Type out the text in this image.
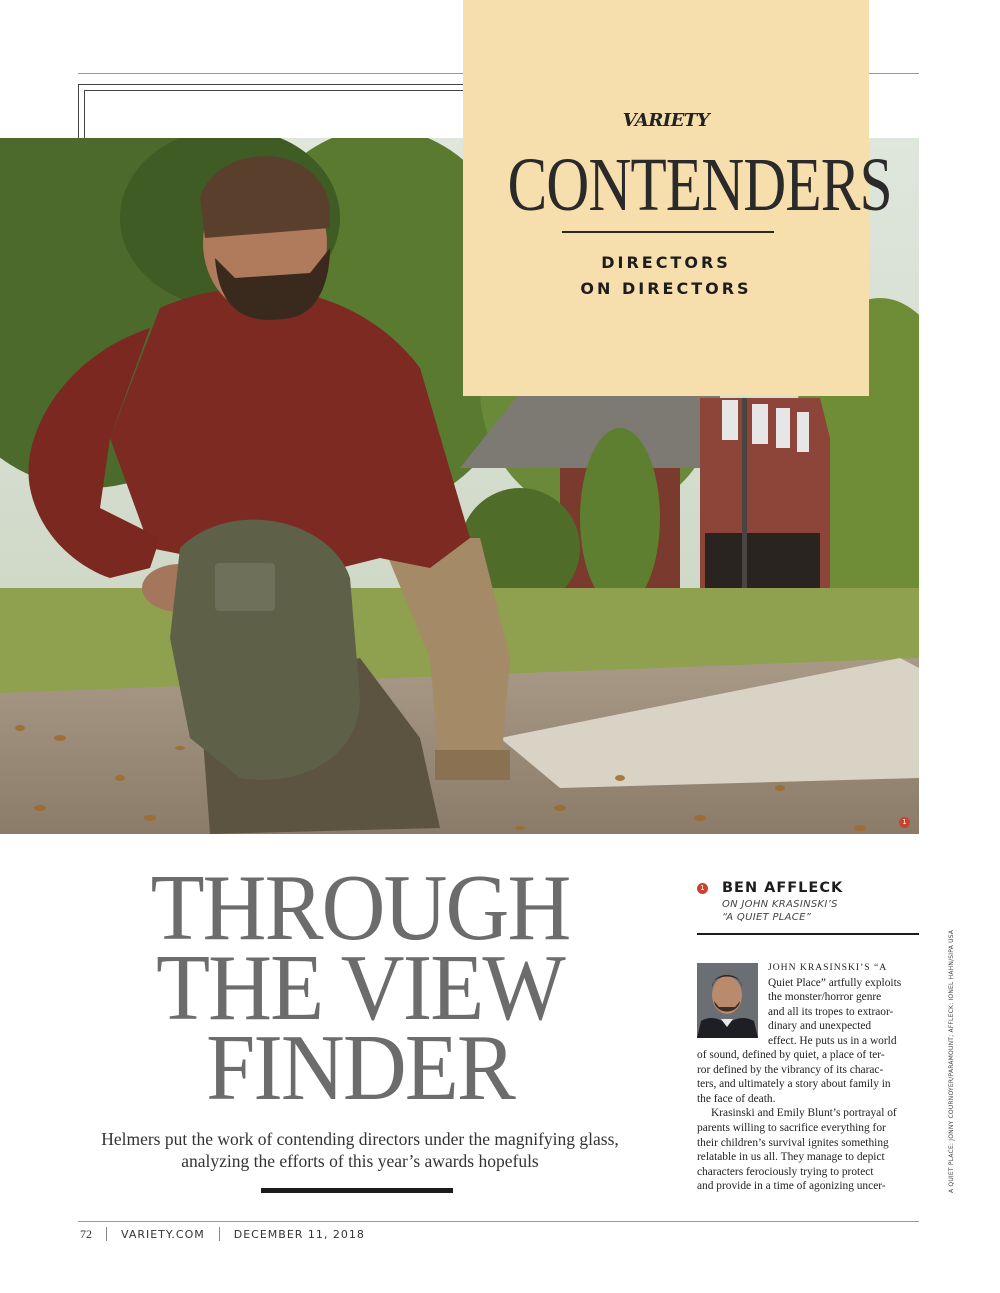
VARIETY
CONTENDERS
DIRECTORS
ON DIRECTORS
1
THROUGH
THE VIEW
FINDER
Helmers put the work of contending directors under the magnifying glass,
analyzing the efforts of this year’s awards hopefuls
1 BEN AFFLECK
ON JOHN KRASINSKI’S
“A QUIET PLACE”
JOHN KRASINSKI’S “A
Quiet Place” artfully exploits
the monster/horror genre
and all its tropes to extraor-
dinary and unexpected
effect. He puts us in a world
of sound, defined by quiet, a place of ter-
ror defined by the vibrancy of its charac-
ters, and ultimately a story about family in
the face of death.
Krasinski and Emily Blunt’s portrayal of
parents willing to sacrifice everything for
their children’s survival ignites something
relatable in us all. They manage to depict
characters ferociously trying to protect
and provide in a time of agonizing uncer-	A QUIET PLACE: JONNY COURNOYER/PARAMOUNT; AFFLECK: IONEL HAHN/SIPA USA
72	VARIETY.COM	DECEMBER 11, 2018
